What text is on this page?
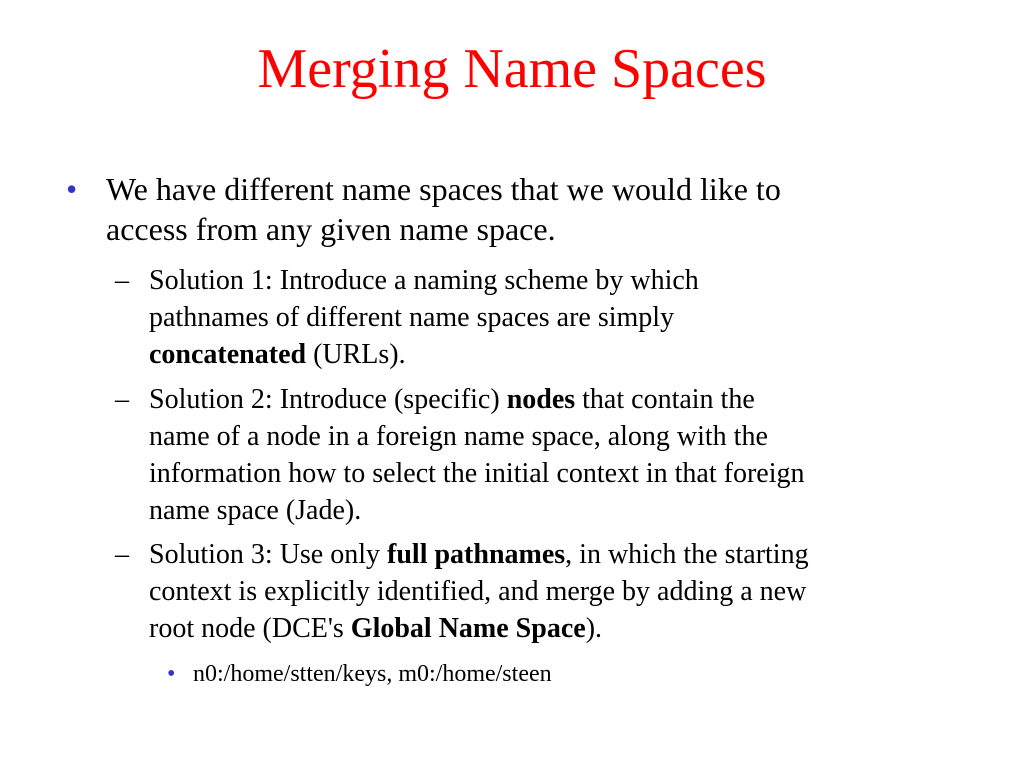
Merging Name Spaces
• We have different name spaces that we would like to
access from any given name space.
– Solution 1: Introduce a naming scheme by which
pathnames of different name spaces are simply
concatenated (URLs).
– Solution 2: Introduce (specific) nodes that contain the
name of a node in a foreign name space, along with the
information how to select the initial context in that foreign
name space (Jade).
– Solution 3: Use only full pathnames, in which the starting
context is explicitly identified, and merge by adding a new
root node (DCE's Global Name Space).
• n0:/home/stten/keys, m0:/home/steen
